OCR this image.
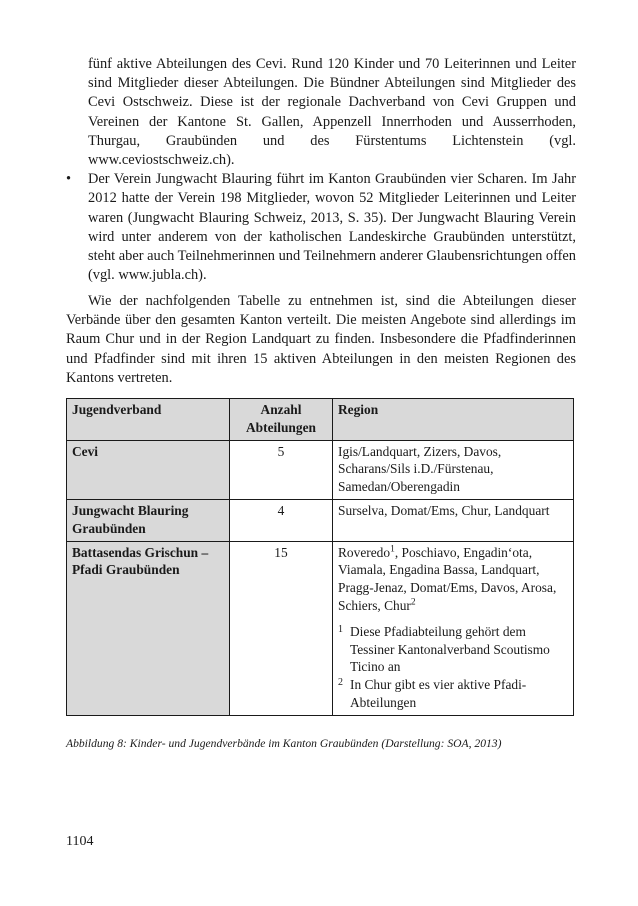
fünf aktive Abteilungen des Cevi. Rund 120 Kinder und 70 Leiterinnen und Leiter sind Mitglieder dieser Abteilungen. Die Bündner Abteilungen sind Mitglieder des Cevi Ostschweiz. Diese ist der regionale Dachverband von Cevi Gruppen und Vereinen der Kantone St. Gallen, Appenzell Innerrhoden und Ausserrhoden, Thurgau, Graubünden und des Fürstentums Lichtenstein (vgl. www.ceviostschweiz.ch).
• Der Verein Jungwacht Blauring führt im Kanton Graubünden vier Scharen. Im Jahr 2012 hatte der Verein 198 Mitglieder, wovon 52 Mitglieder Leiterinnen und Leiter waren (Jungwacht Blauring Schweiz, 2013, S. 35). Der Jungwacht Blauring Verein wird unter anderem von der katholischen Landeskirche Graubünden unterstützt, steht aber auch Teilnehmerinnen und Teilnehmern anderer Glaubensrichtungen offen (vgl. www.jubla.ch).

Wie der nachfolgenden Tabelle zu entnehmen ist, sind die Abteilungen dieser Verbände über den gesamten Kanton verteilt. Die meisten Angebote sind allerdings im Raum Chur und in der Region Landquart zu finden. Insbesondere die Pfadfinderinnen und Pfadfinder sind mit ihren 15 aktiven Abteilungen in den meisten Regionen des Kantons vertreten.

Jugendverband	Anzahl Abteilungen	Region
Cevi	5	Igis/Landquart, Zizers, Davos, Scharans/Sils i.D./Fürstenau, Samedan/Oberengadin
Jungwacht Blauring Graubünden	4	Surselva, Domat/Ems, Chur, Landquart
Battasendas Grischun – Pfadi Graubünden	15	Roveredo$^1$, Poschiavo, Engadin‘ota, Viamala, Engadina Bassa, Landquart, Pragg-Jenaz, Domat/Ems, Davos, Arosa, Schiers, Chur$^2$
1 Diese Pfadiabteilung gehört dem Tessiner Kantonalverband Scoutismo Ticino an
2 In Chur gibt es vier aktive Pfadi-Abteilungen

Abbildung 8: Kinder- und Jugendverbände im Kanton Graubünden (Darstellung: SOA, 2013)

1104
